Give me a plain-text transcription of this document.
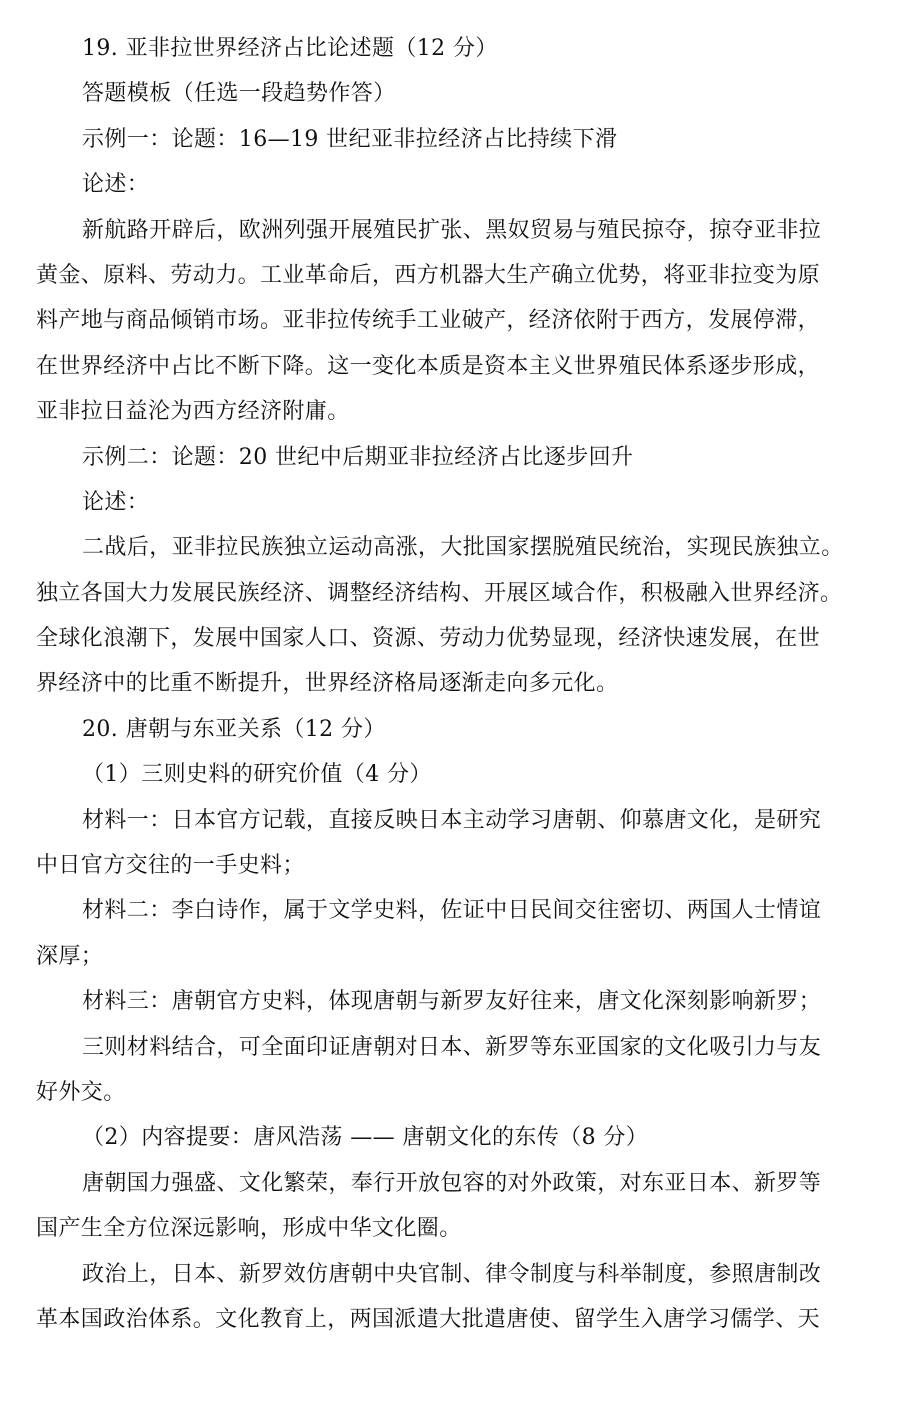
19. 亚非拉世界经济占比论述题（12 分）
答题模板（任选一段趋势作答）
示例一：论题：16—19 世纪亚非拉经济占比持续下滑
论述：
新航路开辟后，欧洲列强开展殖民扩张、黑奴贸易与殖民掠夺，掠夺亚非拉
黄金、原料、劳动力。工业革命后，西方机器大生产确立优势，将亚非拉变为原
料产地与商品倾销市场。亚非拉传统手工业破产，经济依附于西方，发展停滞，
在世界经济中占比不断下降。这一变化本质是资本主义世界殖民体系逐步形成，
亚非拉日益沦为西方经济附庸。
示例二：论题：20 世纪中后期亚非拉经济占比逐步回升
论述：
二战后，亚非拉民族独立运动高涨，大批国家摆脱殖民统治，实现民族独立。
独立各国大力发展民族经济、调整经济结构、开展区域合作，积极融入世界经济。
全球化浪潮下，发展中国家人口、资源、劳动力优势显现，经济快速发展，在世
界经济中的比重不断提升，世界经济格局逐渐走向多元化。
20. 唐朝与东亚关系（12 分）
（1）三则史料的研究价值（4 分）
材料一：日本官方记载，直接反映日本主动学习唐朝、仰慕唐文化，是研究
中日官方交往的一手史料；
材料二：李白诗作，属于文学史料，佐证中日民间交往密切、两国人士情谊
深厚；
材料三：唐朝官方史料，体现唐朝与新罗友好往来，唐文化深刻影响新罗；
三则材料结合，可全面印证唐朝对日本、新罗等东亚国家的文化吸引力与友
好外交。
（2）内容提要：唐风浩荡 —— 唐朝文化的东传（8 分）
唐朝国力强盛、文化繁荣，奉行开放包容的对外政策，对东亚日本、新罗等
国产生全方位深远影响，形成中华文化圈。
政治上，日本、新罗效仿唐朝中央官制、律令制度与科举制度，参照唐制改
革本国政治体系。文化教育上，两国派遣大批遣唐使、留学生入唐学习儒学、天
